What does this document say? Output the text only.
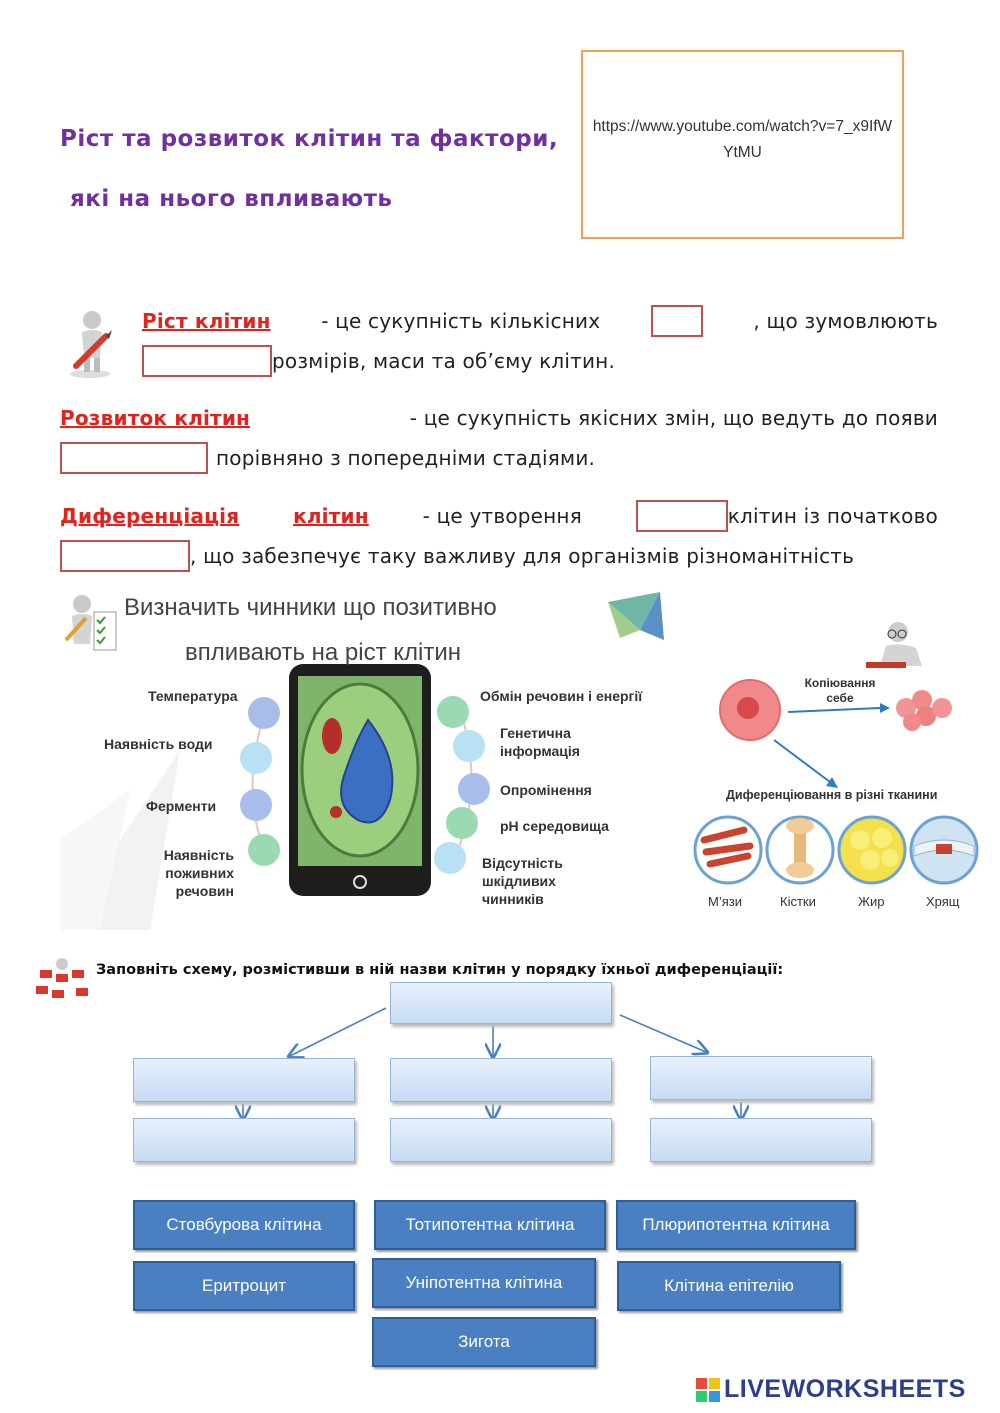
Ріст та розвиток клітин та фактори,
які на нього впливають
https://www.youtube.com/watch?v=7_x9IfWYtMU
Ріст клітин	- це сукупність кількісних	, що зумовлюють
розмірів, маси та об’єму клітин.
Розвиток клітин	- це сукупність якісних змін, що ведуть до появи
порівняно з попередніми стадіями.
Диференціація	клітин	- це утворення	клітин із початково
, що забезпечує таку важливу для організмів різноманітність
Визначить чинники що позитивно
впливають на ріст клітин
Температура
Наявність води
Ферменти
Наявність поживних речовин
Обмін речовин і енергії
Генетична інформація
Опромінення
pH середовища
Відсутність шкідливих чинників
Копіювання себе
Диференціювання в різні тканини
М’язи	Кістки	Жир	Хрящ
Заповніть схему, розмістивши в ній назви клітин у порядку їхньої диференціації:
Стовбурова клітина	Тотипотентна клітина	Плюрипотентна клітина
Еритроцит	Уніпотентна клітина	Клітина епітелію
Зигота
LIVEWORKSHEETS
